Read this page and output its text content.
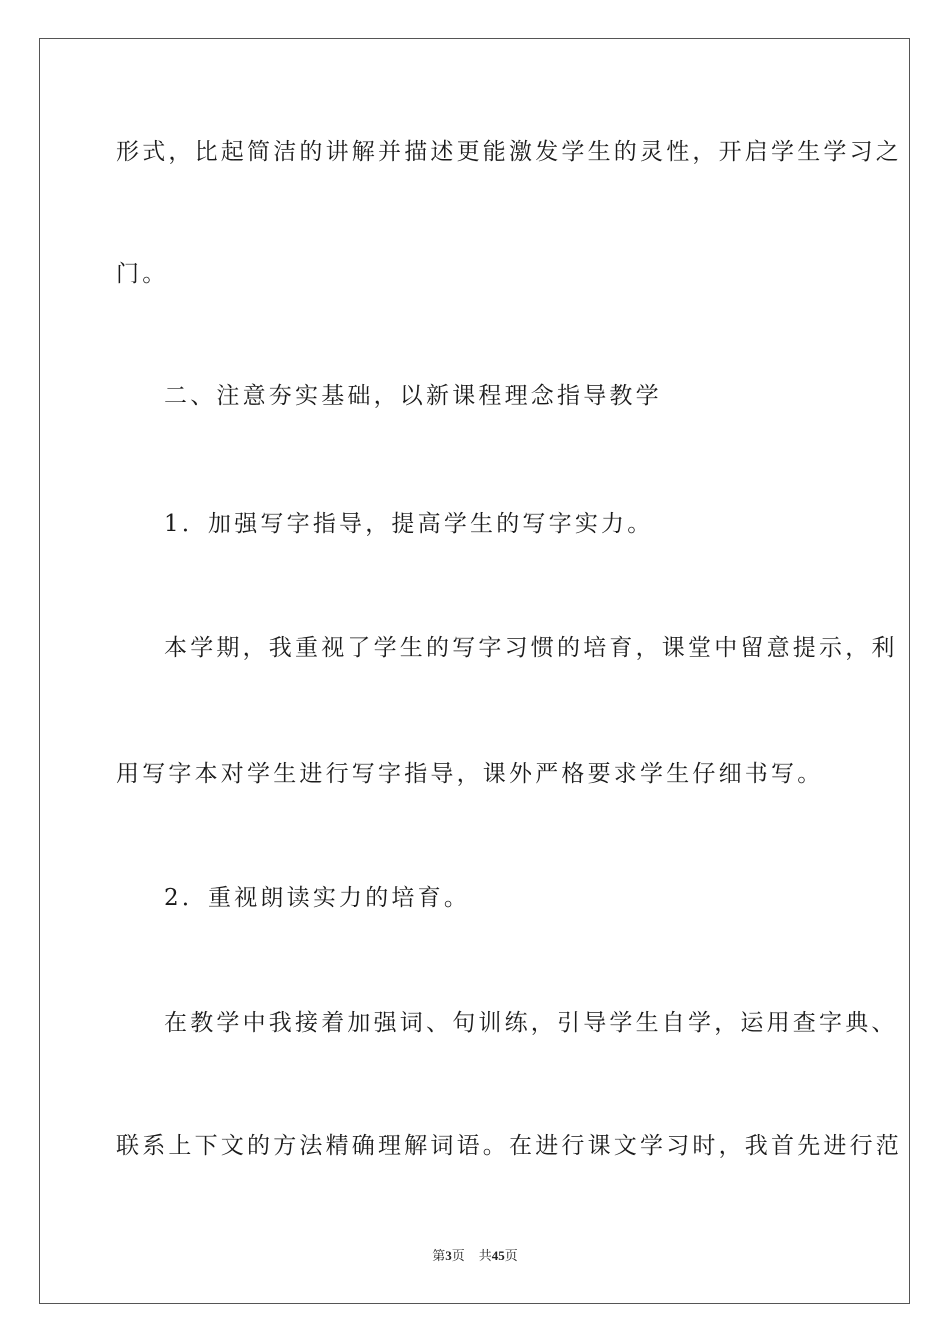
形式，比起简洁的讲解并描述更能激发学生的灵性，开启学生学习之
门。
二、注意夯实基础，以新课程理念指导教学
1．加强写字指导，提高学生的写字实力。
本学期，我重视了学生的写字习惯的培育，课堂中留意提示，利
用写字本对学生进行写字指导，课外严格要求学生仔细书写。
2．重视朗读实力的培育。
在教学中我接着加强词、句训练，引导学生自学，运用查字典、
联系上下文的方法精确理解词语。在进行课文学习时，我首先进行范
第3页 共45页
